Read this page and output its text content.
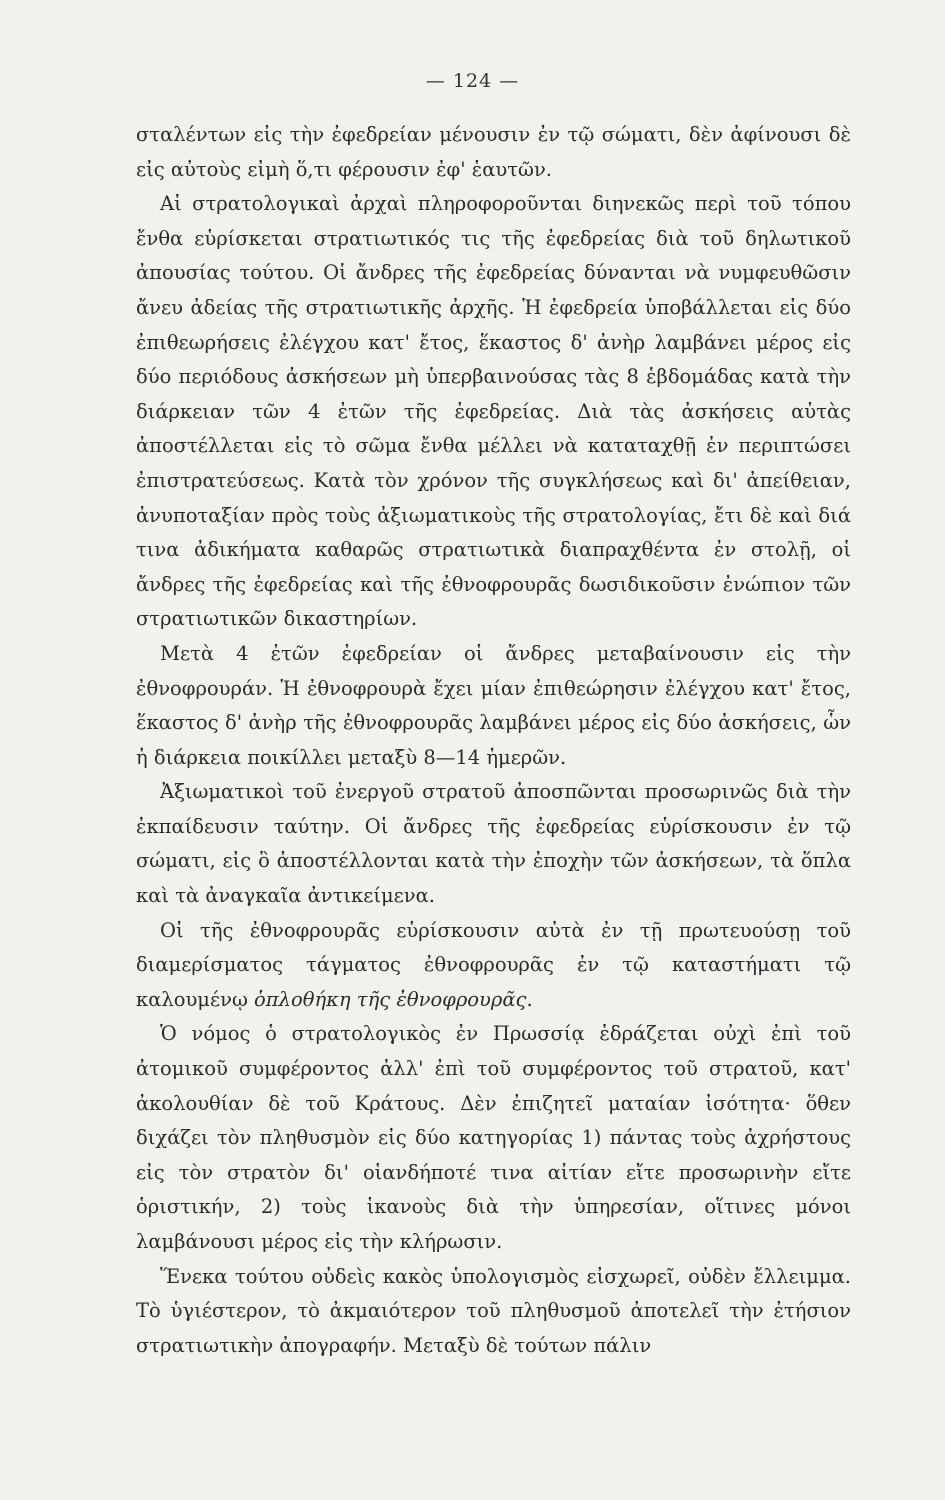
— 124 —

σταλέντων εἰς τὴν ἐφεδρείαν μένουσιν ἐν τῷ σώματι, δὲν ἀφίνουσι δὲ εἰς αὐτοὺς εἰμὴ ὅ,τι φέρουσιν ἐφ' ἑαυτῶν.

Αἱ στρατολογικαὶ ἀρχαὶ πληροφοροῦνται διηνεκῶς περὶ τοῦ τόπου ἔνθα εὑρίσκεται στρατιωτικός τις τῆς ἐφεδρείας διὰ τοῦ δηλωτικοῦ ἀπουσίας τούτου. Οἱ ἄνδρες τῆς ἐφεδρείας δύνανται νὰ νυμφευθῶσιν ἄνευ ἀδείας τῆς στρατιωτικῆς ἀρχῆς. Ἡ ἐφεδρεία ὑποβάλλεται εἰς δύο ἐπιθεωρήσεις ἐλέγχου κατ' ἔτος, ἕκαστος δ' ἀνὴρ λαμβάνει μέρος εἰς δύο περιόδους ἀσκήσεων μὴ ὑπερβαινούσας τὰς 8 ἑβδομάδας κατὰ τὴν διάρκειαν τῶν 4 ἐτῶν τῆς ἐφεδρείας. Διὰ τὰς ἀσκήσεις αὐτὰς ἀποστέλλεται εἰς τὸ σῶμα ἔνθα μέλλει νὰ καταταχθῇ ἐν περιπτώσει ἐπιστρατεύσεως. Κατὰ τὸν χρόνον τῆς συγκλήσεως καὶ δι' ἀπείθειαν, ἀνυποταξίαν πρὸς τοὺς ἀξιωματικοὺς τῆς στρατολογίας, ἔτι δὲ καὶ διά τινα ἀδικήματα καθαρῶς στρατιωτικὰ διαπραχθέντα ἐν στολῇ, οἱ ἄνδρες τῆς ἐφεδρείας καὶ τῆς ἐθνοφρουρᾶς δωσιδικοῦσιν ἐνώπιον τῶν στρατιωτικῶν δικαστηρίων.

Μετὰ 4 ἐτῶν ἐφεδρείαν οἱ ἄνδρες μεταβαίνουσιν εἰς τὴν ἐθνοφρουράν. Ἡ ἐθνοφρουρὰ ἔχει μίαν ἐπιθεώρησιν ἐλέγχου κατ' ἔτος, ἕκαστος δ' ἀνὴρ τῆς ἐθνοφρουρᾶς λαμβάνει μέρος εἰς δύο ἀσκήσεις, ὧν ἡ διάρκεια ποικίλλει μεταξὺ 8—14 ἡμερῶν.

Ἀξιωματικοὶ τοῦ ἐνεργοῦ στρατοῦ ἀποσπῶνται προσωρινῶς διὰ τὴν ἐκπαίδευσιν ταύτην. Οἱ ἄνδρες τῆς ἐφεδρείας εὑρίσκουσιν ἐν τῷ σώματι, εἰς ὃ ἀποστέλλονται κατὰ τὴν ἐποχὴν τῶν ἀσκήσεων, τὰ ὅπλα καὶ τὰ ἀναγκαῖα ἀντικείμενα.

Οἱ τῆς ἐθνοφρουρᾶς εὑρίσκουσιν αὐτὰ ἐν τῇ πρωτευούσῃ τοῦ διαμερίσματος τάγματος ἐθνοφρουρᾶς ἐν τῷ καταστήματι τῷ καλουμένῳ ὁπλοθήκη τῆς ἐθνοφρουρᾶς.

Ὁ νόμος ὁ στρατολογικὸς ἐν Πρωσσίᾳ ἑδράζεται οὐχὶ ἐπὶ τοῦ ἀτομικοῦ συμφέροντος ἀλλ' ἐπὶ τοῦ συμφέροντος τοῦ στρατοῦ, κατ' ἀκολουθίαν δὲ τοῦ Κράτους. Δὲν ἐπιζητεῖ ματαίαν ἰσότητα· ὅθεν διχάζει τὸν πληθυσμὸν εἰς δύο κατηγορίας 1) πάντας τοὺς ἀχρήστους εἰς τὸν στρατὸν δι' οἱανδήποτέ τινα αἰτίαν εἴτε προσωρινὴν εἴτε ὁριστικήν, 2) τοὺς ἱκανοὺς διὰ τὴν ὑπηρεσίαν, οἵτινες μόνοι λαμβάνουσι μέρος εἰς τὴν κλήρωσιν.

Ἕνεκα τούτου οὐδεὶς κακὸς ὑπολογισμὸς εἰσχωρεῖ, οὐδὲν ἔλλειμμα. Τὸ ὑγιέστερον, τὸ ἀκμαιότερον τοῦ πληθυσμοῦ ἀποτελεῖ τὴν ἐτήσιον στρατιωτικὴν ἀπογραφήν. Μεταξὺ δὲ τούτων πάλιν
